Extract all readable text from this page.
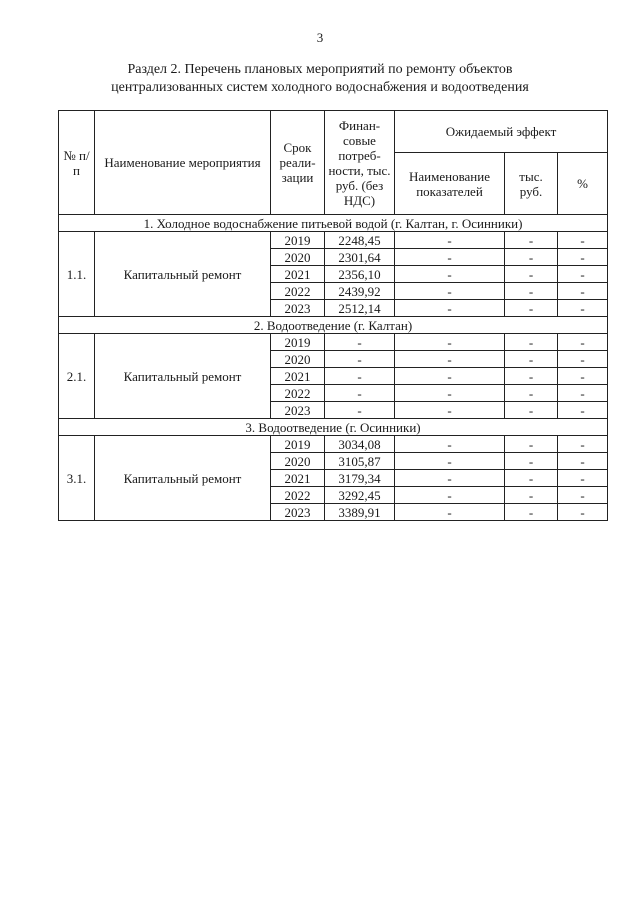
3
Раздел 2. Перечень плановых мероприятий по ремонту объектов
централизованных систем холодного водоснабжения и водоотведения
№ п/п	Наименование мероприятия	Срок реали- зации	Финан- совые потреб- ности, тыс. руб. (без НДС)	Ожидаемый эффект		
				Наименование показателей	тыс. руб.	%
1. Холодное водоснабжение питьевой водой (г. Калтан, г. Осинники)						
1.1.	Капитальный ремонт	2019	2248,45	-	-	-
		2020	2301,64	-	-	-
		2021	2356,10	-	-	-
		2022	2439,92	-	-	-
		2023	2512,14	-	-	-
2. Водоотведение (г. Калтан)						
2.1.	Капитальный ремонт	2019	-	-	-	-
		2020	-	-	-	-
		2021	-	-	-	-
		2022	-	-	-	-
		2023	-	-	-	-
3. Водоотведение (г. Осинники)						
3.1.	Капитальный ремонт	2019	3034,08	-	-	-
		2020	3105,87	-	-	-
		2021	3179,34	-	-	-
		2022	3292,45	-	-	-
		2023	3389,91	-	-	-
